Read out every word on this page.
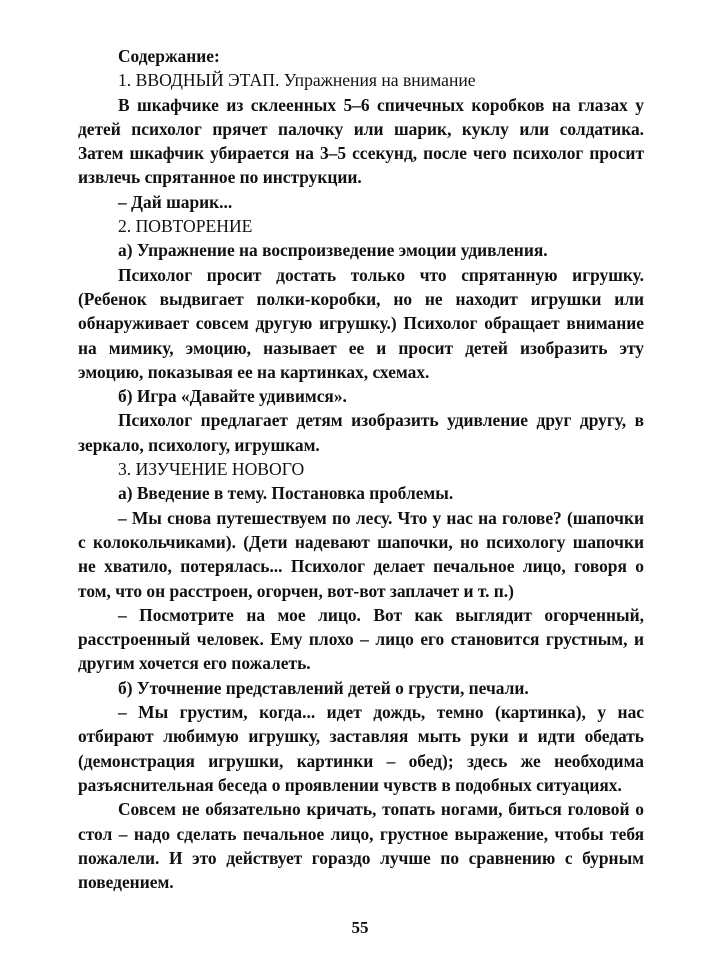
Содержание:

1. ВВОДНЫЙ ЭТАП. Упражнения на внимание

В шкафчике из склеенных 5–6 спичечных коробков на глазах у детей психолог прячет палочку или шарик, куклу или солдатика. Затем шкафчик убирается на 3–5 ссекунд, после чего психолог просит извлечь спрятанное по инструкции.

– Дай шарик...

2. ПОВТОРЕНИЕ

а) Упражнение на воспроизведение эмоции удивления.

Психолог просит достать только что спрятанную игрушку. (Ребенок выдвигает полки-коробки, но не находит игрушки или обнаруживает совсем другую игрушку.) Психолог обращает внимание на мимику, эмоцию, называет ее и просит детей изобразить эту эмоцию, показывая ее на картинках, схемах.

б) Игра «Давайте удивимся».

Психолог предлагает детям изобразить удивление друг другу, в зеркало, психологу, игрушкам.

3. ИЗУЧЕНИЕ НОВОГО

а) Введение в тему. Постановка проблемы.

– Мы снова путешествуем по лесу. Что у нас на голове? (шапочки с колокольчиками). (Дети надевают шапочки, но психологу шапочки не хватило, потерялась... Психолог делает печальное лицо, говоря о том, что он расстроен, огорчен, вот-вот заплачет и т. п.)

– Посмотрите на мое лицо. Вот как выглядит огорченный, расстроенный человек. Ему плохо – лицо его становится грустным, и другим хочется его пожалеть.

б) Уточнение представлений детей о грусти, печали.

– Мы грустим, когда... идет дождь, темно (картинка), у нас отбирают любимую игрушку, заставляя мыть руки и идти обедать (демонстрация игрушки, картинки – обед); здесь же необходима разъяснительная беседа о проявлении чувств в подобных ситуациях.

Совсем не обязательно кричать, топать ногами, биться головой о стол – надо сделать печальное лицо, грустное выражение, чтобы тебя пожалели. И это действует гораздо лучше по сравнению с бурным поведением.

55
